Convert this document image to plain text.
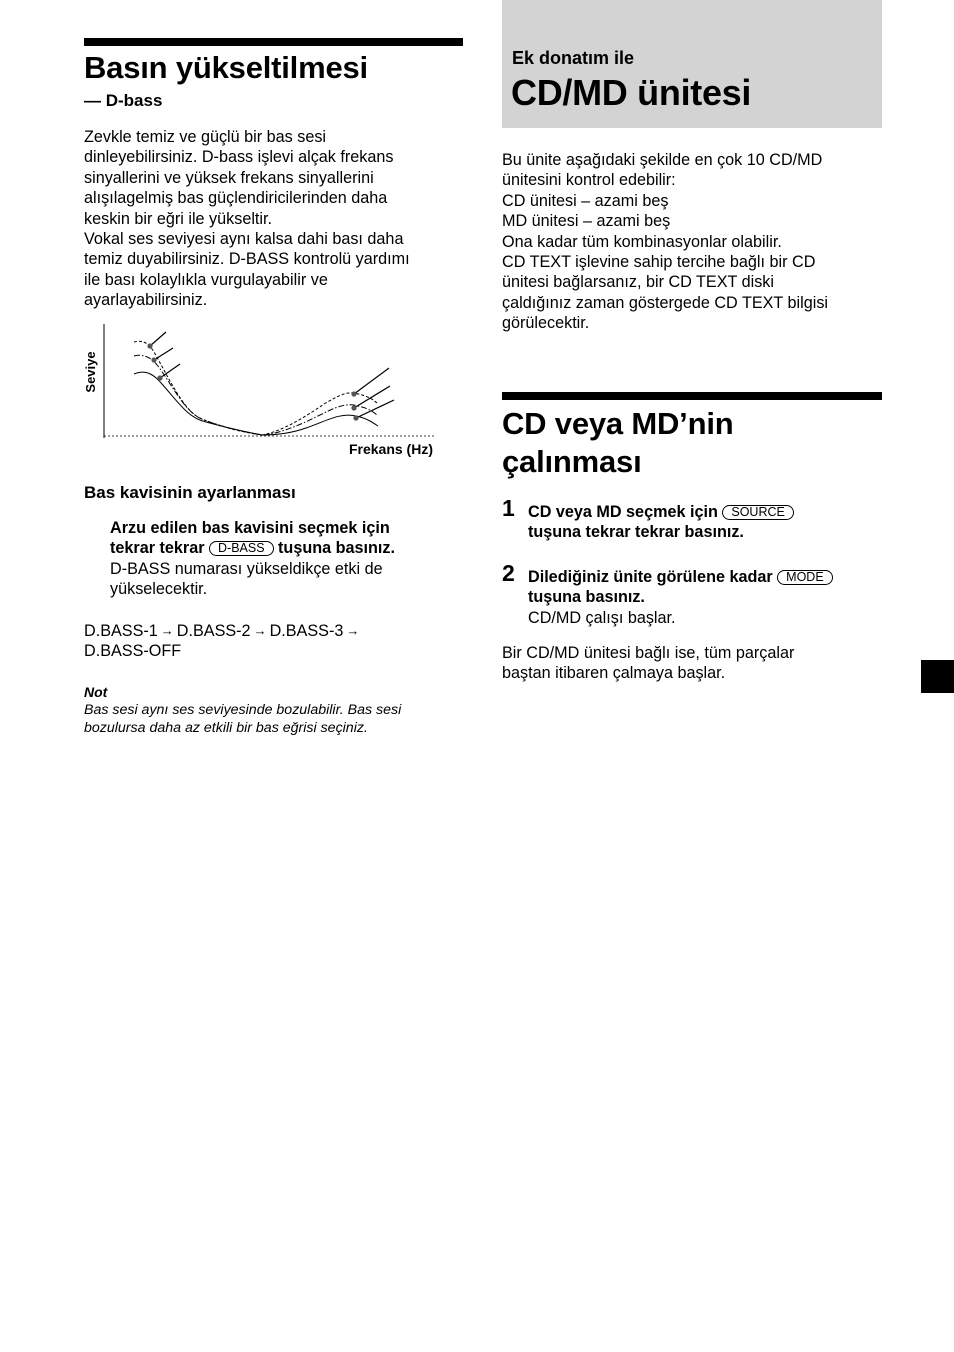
Basın yükseltilmesi
— D-bass
Zevkle temiz ve güçlü bir bas sesi
dinleyebilirsiniz. D-bass işlevi alçak frekans
sinyallerini ve yüksek frekans sinyallerini
alışılagelmiş bas güçlendiricilerinden daha
keskin bir eğri ile yükseltir.
Vokal ses seviyesi aynı kalsa dahi bası daha
temiz duyabilirsiniz. D-BASS kontrolü yardımı
ile bası kolaylıkla vurgulayabilir ve
ayarlayabilirsiniz.
Seviye
Frekans (Hz)
Bas kavisinin ayarlanması
Arzu edilen bas kavisini seçmek için
tekrar tekrar D-BASS tuşuna basınız.
D-BASS numarası yükseldikçe etki de
yükselecektir.
D.BASS-1 → D.BASS-2 → D.BASS-3 →
D.BASS-OFF
Not
Bas sesi aynı ses seviyesinde bozulabilir. Bas sesi
bozulursa daha az etkili bir bas eğrisi seçiniz.
Ek donatım ile
CD/MD ünitesi
Bu ünite aşağıdaki şekilde en çok 10 CD/MD
ünitesini kontrol edebilir:
CD ünitesi – azami beş
MD ünitesi – azami beş
Ona kadar tüm kombinasyonlar olabilir.
CD TEXT işlevine sahip tercihe bağlı bir CD
ünitesi bağlarsanız, bir CD TEXT diski
çaldığınız zaman göstergede CD TEXT bilgisi
görülecektir.
CD veya MD’nin
çalınması
1 CD veya MD seçmek için SOURCE
tuşuna tekrar tekrar basınız.
2 Dilediğiniz ünite görülene kadar MODE
tuşuna basınız.
CD/MD çalışı başlar.
Bir CD/MD ünitesi bağlı ise, tüm parçalar
baştan itibaren çalmaya başlar.
